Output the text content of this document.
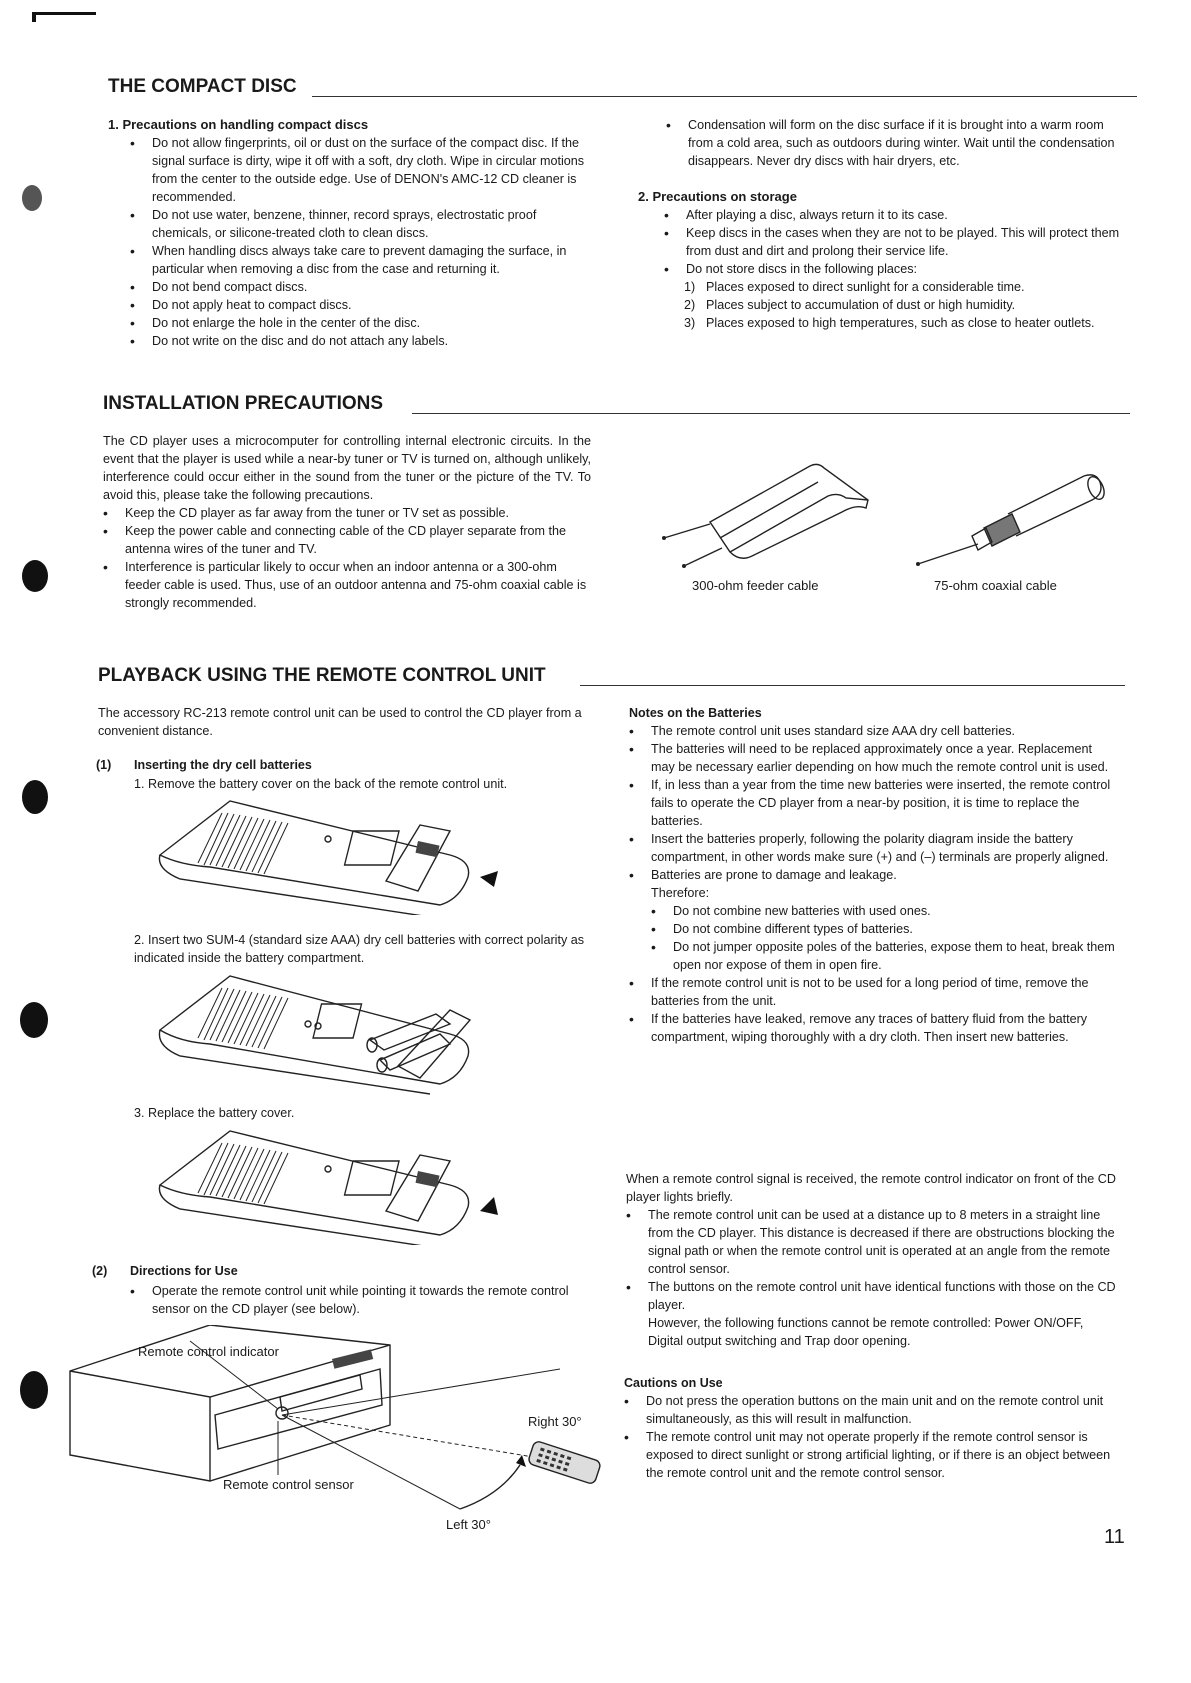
THE COMPACT DISC
1. Precautions on handling compact discs
• Do not allow fingerprints, oil or dust on the surface of the compact disc. If the signal surface is dirty, wipe it off with a soft, dry cloth. Wipe in circular motions from the center to the outside edge. Use of DENON's AMC-12 CD cleaner is recommended.
• Do not use water, benzene, thinner, record sprays, electrostatic proof chemicals, or silicone-treated cloth to clean discs.
• When handling discs always take care to prevent damaging the surface, in particular when removing a disc from the case and returning it.
• Do not bend compact discs.
• Do not apply heat to compact discs.
• Do not enlarge the hole in the center of the disc.
• Do not write on the disc and do not attach any labels.
• Condensation will form on the disc surface if it is brought into a warm room from a cold area, such as outdoors during winter. Wait until the condensation disappears. Never dry discs with hair dryers, etc.
2. Precautions on storage
• After playing a disc, always return it to its case.
• Keep discs in the cases when they are not to be played. This will protect them from dust and dirt and prolong their service life.
• Do not store discs in the following places:
1) Places exposed to direct sunlight for a considerable time.
2) Places subject to accumulation of dust or high humidity.
3) Places exposed to high temperatures, such as close to heater outlets.
INSTALLATION PRECAUTIONS
The CD player uses a microcomputer for controlling internal electronic circuits. In the event that the player is used while a near-by tuner or TV is turned on, although unlikely, interference could occur either in the sound from the tuner or the picture of the TV. To avoid this, please take the following precautions.
• Keep the CD player as far away from the tuner or TV set as possible.
• Keep the power cable and connecting cable of the CD player separate from the antenna wires of the tuner and TV.
• Interference is particular likely to occur when an indoor antenna or a 300-ohm feeder cable is used. Thus, use of an outdoor antenna and 75-ohm coaxial cable is strongly recommended.
300-ohm feeder cable	75-ohm coaxial cable
PLAYBACK USING THE REMOTE CONTROL UNIT
The accessory RC-213 remote control unit can be used to control the CD player from a convenient distance.
(1) Inserting the dry cell batteries
1. Remove the battery cover on the back of the remote control unit.
2. Insert two SUM-4 (standard size AAA) dry cell batteries with correct polarity as indicated inside the battery compartment.
3. Replace the battery cover.
(2) Directions for Use
• Operate the remote control unit while pointing it towards the remote control sensor on the CD player (see below).
Remote control indicator
Remote control sensor
Right 30°
Left 30°
Notes on the Batteries
• The remote control unit uses standard size AAA dry cell batteries.
• The batteries will need to be replaced approximately once a year. Replacement may be necessary earlier depending on how much the remote control unit is used.
• If, in less than a year from the time new batteries were inserted, the remote control fails to operate the CD player from a near-by position, it is time to replace the batteries.
• Insert the batteries properly, following the polarity diagram inside the battery compartment, in other words make sure (+) and (–) terminals are properly aligned.
• Batteries are prone to damage and leakage.
Therefore:
• Do not combine new batteries with used ones.
• Do not combine different types of batteries.
• Do not jumper opposite poles of the batteries, expose them to heat, break them open nor expose of them in open fire.
• If the remote control unit is not to be used for a long period of time, remove the batteries from the unit.
• If the batteries have leaked, remove any traces of battery fluid from the battery compartment, wiping thoroughly with a dry cloth. Then insert new batteries.
When a remote control signal is received, the remote control indicator on front of the CD player lights briefly.
• The remote control unit can be used at a distance up to 8 meters in a straight line from the CD player. This distance is decreased if there are obstructions blocking the signal path or when the remote control unit is operated at an angle from the remote control sensor.
• The buttons on the remote control unit have identical functions with those on the CD player.
However, the following functions cannot be remote controlled: Power ON/OFF, Digital output switching and Trap door opening.
Cautions on Use
• Do not press the operation buttons on the main unit and on the remote control unit simultaneously, as this will result in malfunction.
• The remote control unit may not operate properly if the remote control sensor is exposed to direct sunlight or strong artificial lighting, or if there is an object between the remote control unit and the remote control sensor.
11
